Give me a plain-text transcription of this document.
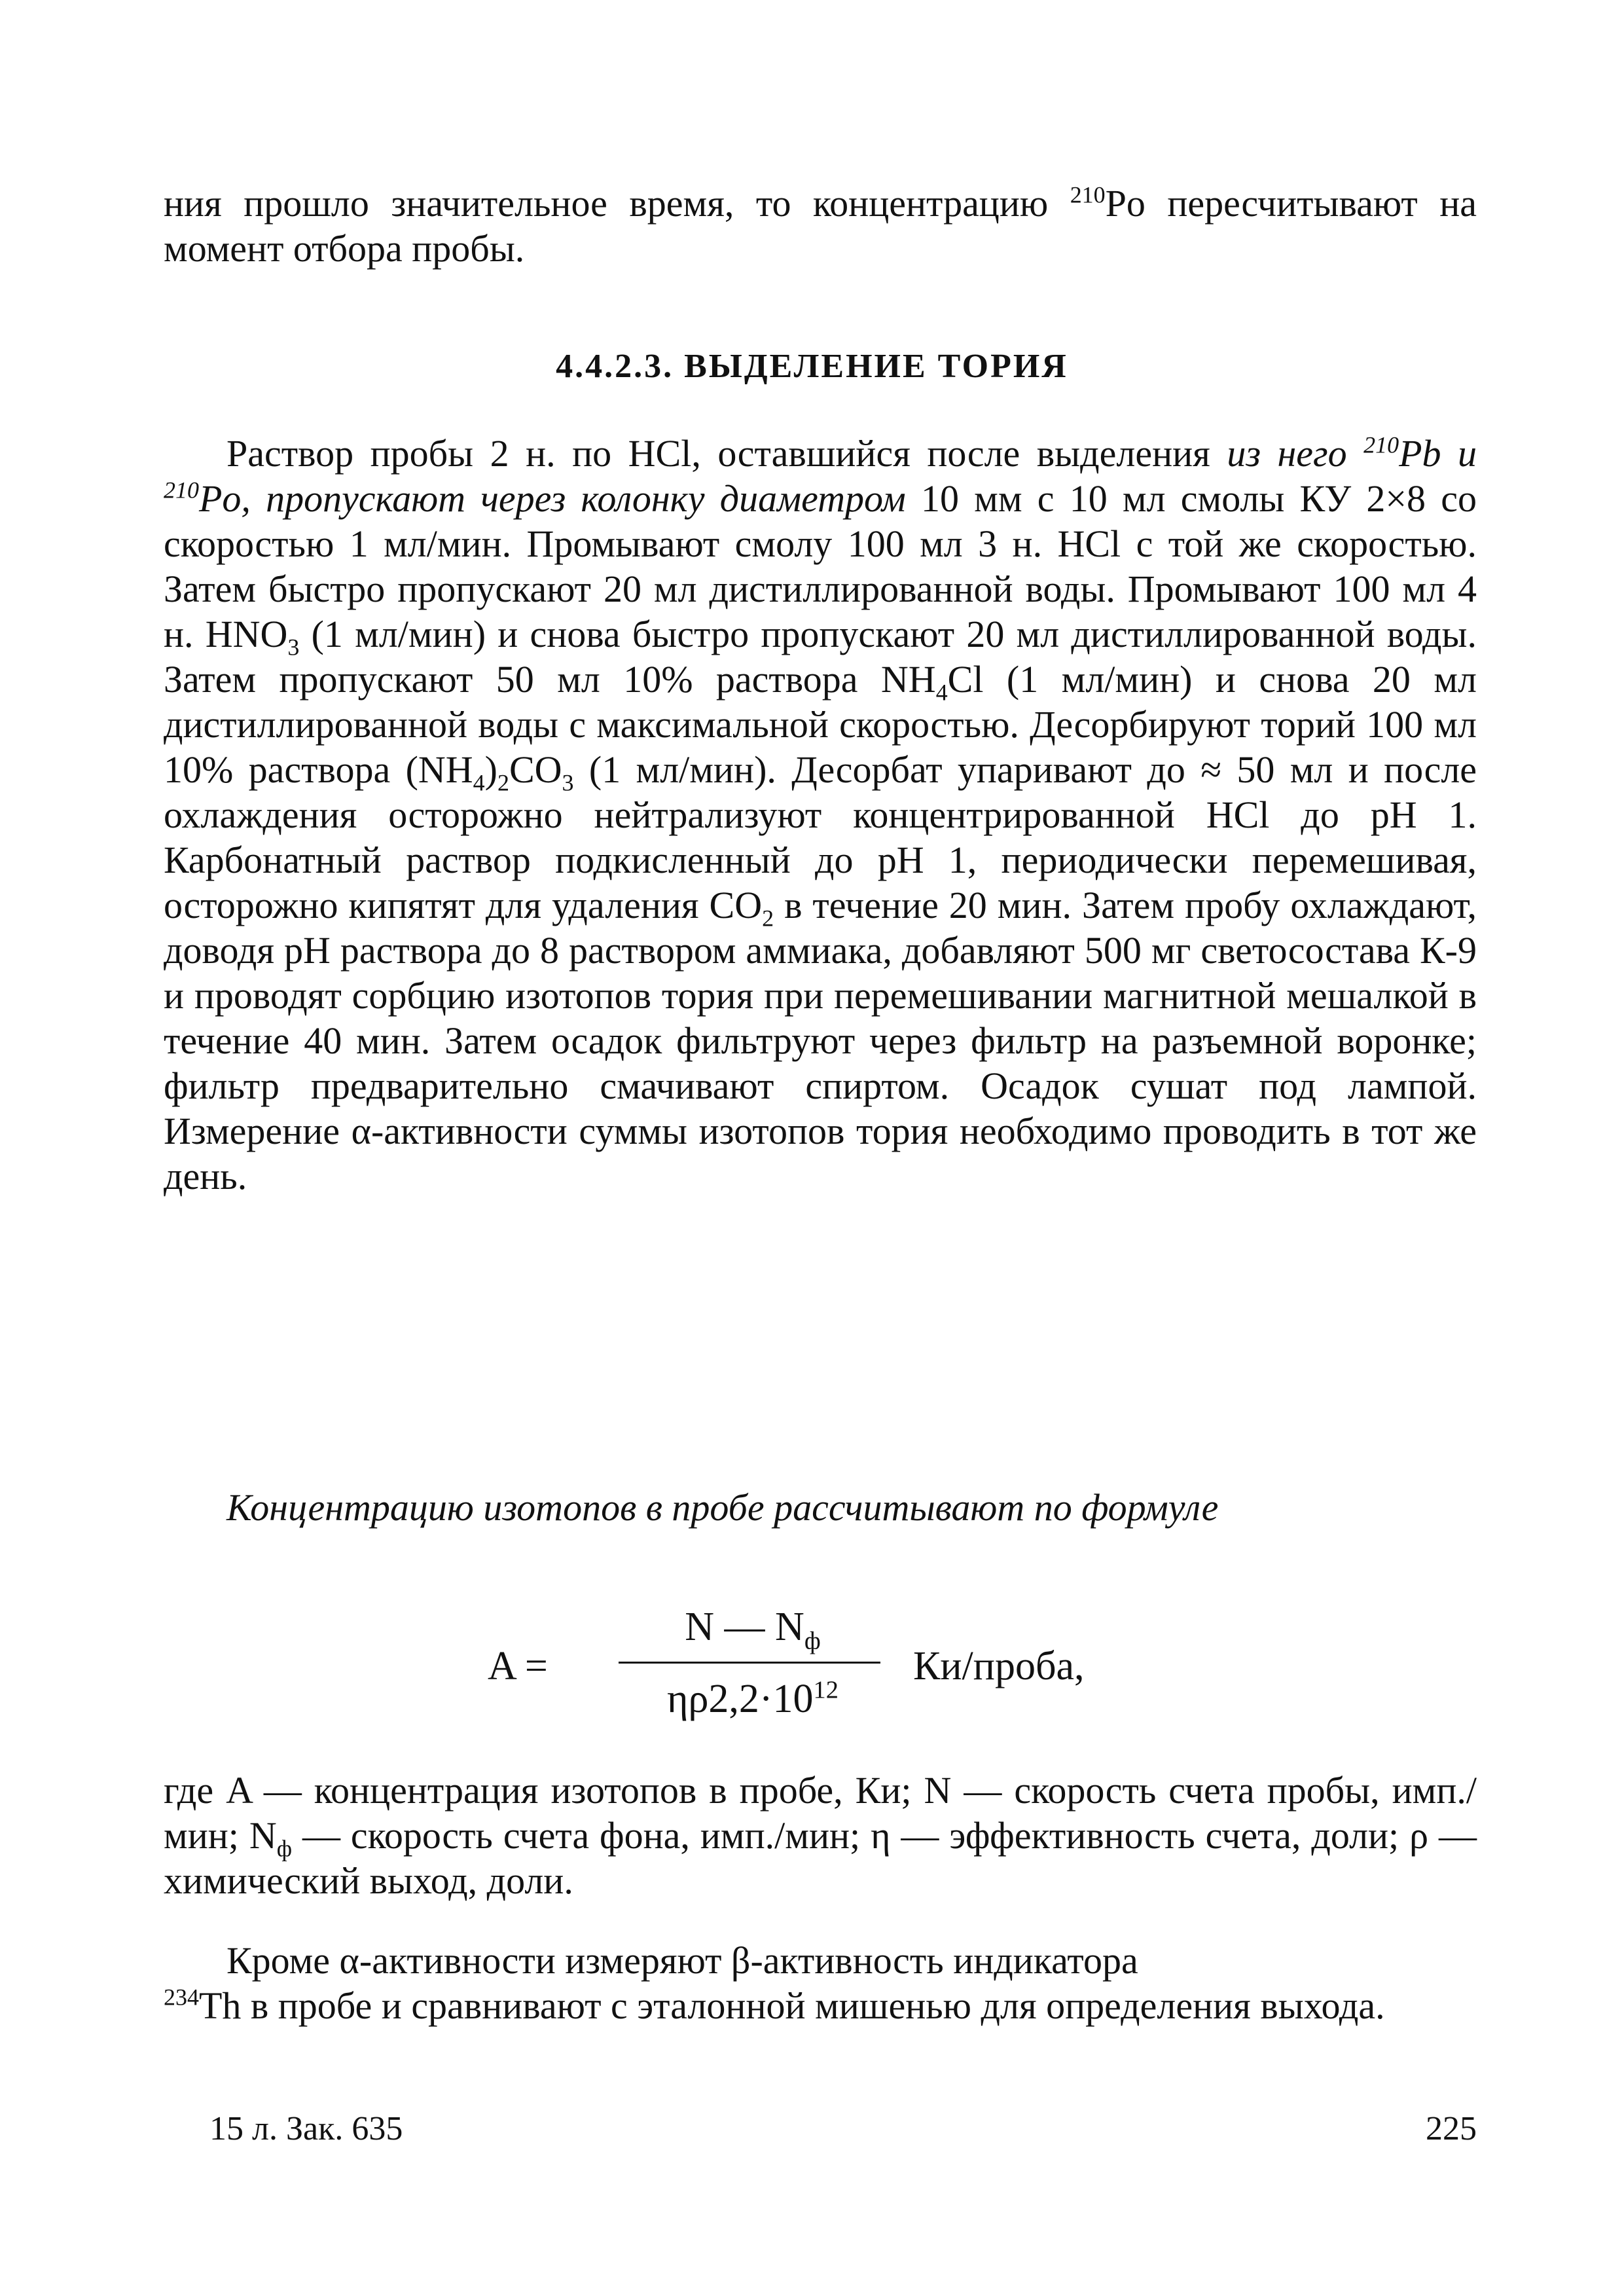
ния прошло значительное время, то концентрацию $^{210}$Po пересчитывают на момент отбора пробы.

4.4.2.3. ВЫДЕЛЕНИЕ ТОРИЯ

Раствор пробы 2 н. по HCl, оставшийся после выделения из него $^{210}$Pb и $^{210}$Po, пропускают через колонку диаметром 10 мм с 10 мл смолы КУ 2×8 со скоростью 1 мл/мин. Промывают смолу 100 мл 3 н. HCl с той же скоростью. Затем быстро пропускают 20 мл дистиллированной воды. Промывают 100 мл 4 н. $HNO_3$ (1 мл/мин) и снова быстро пропускают 20 мл дистиллированной воды. Затем пропускают 50 мл 10% раствора $NH_4Cl$ (1 мл/мин) и снова 20 мл дистиллированной воды с максимальной скоростью. Десорбируют торий 100 мл 10% раствора $(NH_4)_2CO_3$ (1 мл/мин). Десорбат упаривают до ≈ 50 мл и после охлаждения осторожно нейтрализуют концентрированной HCl до pH 1. Карбонатный раствор подкисленный до pH 1, периодически перемешивая, осторожно кипятят для удаления $CO_2$ в течение 20 мин. Затем пробу охлаждают, доводя pH раствора до 8 раствором аммиака, добавляют 500 мг светосостава К-9 и проводят сорбцию изотопов тория при перемешивании магнитной мешалкой в течение 40 мин. Затем осадок фильтруют через фильтр на разъемной воронке; фильтр предварительно смачивают спиртом. Осадок сушат под лампой. Измерение α-активности суммы изотопов тория необходимо проводить в тот же день.

Концентрацию изотопов в пробе рассчитывают по формуле

A =
N — $N_ф$
$\eta\rho 2,2\cdot 10^{12}$
Ки/проба,

где A — концентрация изотопов в пробе, Ки; N — скорость счета пробы, имп./мин; $N_ф$ — скорость счета фона, имп./мин; η — эффективность счета, доли; ρ — химический выход, доли.

Кроме α-активности измеряют β-активность индикатора
$^{234}$Th в пробе и сравнивают с эталонной мишенью для определения выхода.

15 л. Зак. 635	225
